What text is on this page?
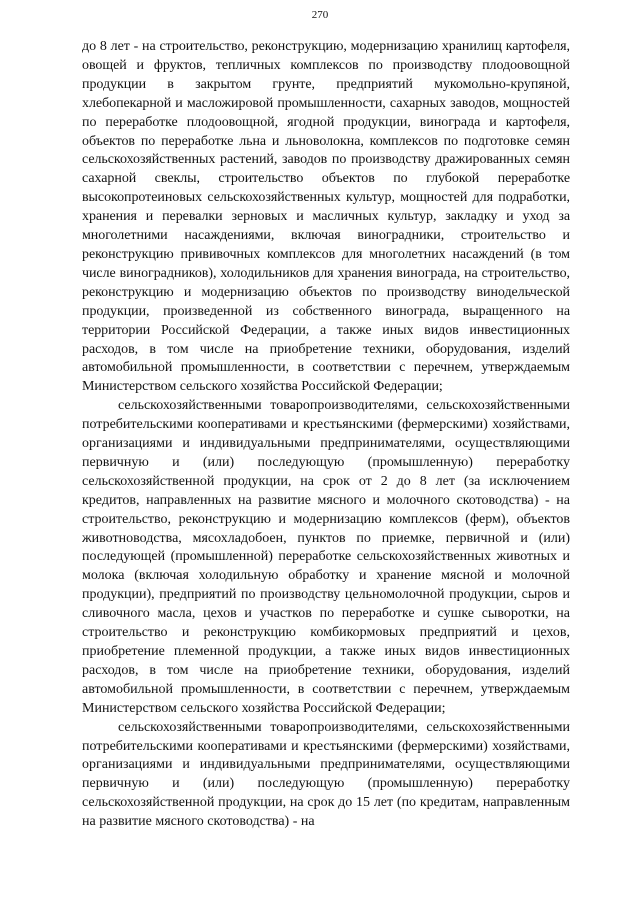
270

до 8 лет - на строительство, реконструкцию, модернизацию хранилищ картофеля, овощей и фруктов, тепличных комплексов по производству плодоовощной продукции в закрытом грунте, предприятий мукомольно-крупяной, хлебопекарной и масложировой промышленности, сахарных заводов, мощностей по переработке плодоовощной, ягодной продукции, винограда и картофеля, объектов по переработке льна и льноволокна, комплексов по подготовке семян сельскохозяйственных растений, заводов по производству дражированных семян сахарной свеклы, строительство объектов по глубокой переработке высокопротеиновых сельскохозяйственных культур, мощностей для подработки, хранения и перевалки зерновых и масличных культур, закладку и уход за многолетними насаждениями, включая виноградники, строительство и реконструкцию прививочных комплексов для многолетних насаждений (в том числе виноградников), холодильников для хранения винограда, на строительство, реконструкцию и модернизацию объектов по производству винодельческой продукции, произведенной из собственного винограда, выращенного на территории Российской Федерации, а также иных видов инвестиционных расходов, в том числе на приобретение техники, оборудования, изделий автомобильной промышленности, в соответствии с перечнем, утверждаемым Министерством сельского хозяйства Российской Федерации;

сельскохозяйственными товаропроизводителями, сельскохозяйственными потребительскими кооперативами и крестьянскими (фермерскими) хозяйствами, организациями и индивидуальными предпринимателями, осуществляющими первичную и (или) последующую (промышленную) переработку сельскохозяйственной продукции, на срок от 2 до 8 лет (за исключением кредитов, направленных на развитие мясного и молочного скотоводства) - на строительство, реконструкцию и модернизацию комплексов (ферм), объектов животноводства, мясохладобоен, пунктов по приемке, первичной и (или) последующей (промышленной) переработке сельскохозяйственных животных и молока (включая холодильную обработку и хранение мясной и молочной продукции), предприятий по производству цельномолочной продукции, сыров и сливочного масла, цехов и участков по переработке и сушке сыворотки, на строительство и реконструкцию комбикормовых предприятий и цехов, приобретение племенной продукции, а также иных видов инвестиционных расходов, в том числе на приобретение техники, оборудования, изделий автомобильной промышленности, в соответствии с перечнем, утверждаемым Министерством сельского хозяйства Российской Федерации;

сельскохозяйственными товаропроизводителями, сельскохозяйственными потребительскими кооперативами и крестьянскими (фермерскими) хозяйствами, организациями и индивидуальными предпринимателями, осуществляющими первичную и (или) последующую (промышленную) переработку сельскохозяйственной продукции, на срок до 15 лет (по кредитам, направленным на развитие мясного скотоводства) - на
